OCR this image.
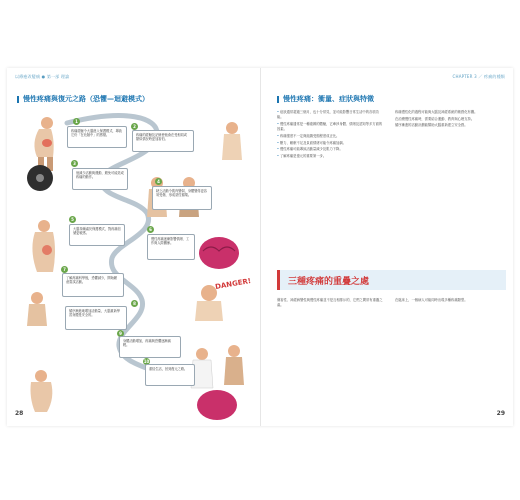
以療癒改變痛 ● 第一部 理論
慢性疼痛與復元之路（恐懼—迴避模式）
DANGER!
1
疼痛經驗令大腦進入保護模式，導致它仍「在危險中」的感覺。
2
疼痛的經驗及記憶使他會在受相同或類似情況時更加害怕。
3
他減少活動與運動，避免可能造成疼痛的動作。
4
缺乏活動令肌肉變弱，身體變得更容易受傷，形成惡性循環。
5
大腦持續處於保護模式，對疼痛信號更敏感。
6
慢性疼痛逐漸影響情緒、工作與人際關係。
7
了解疼痛科學後，恐懼減少，開始願意嘗試活動。
8
循序漸進地增加活動量，大腦重新學習身體是安全的。
9
身體活動增加，疼痛與恐懼逐漸減輕。
10
重拾生活，回到復元之路。
28
CHAPTER 3 ／ 疼痛的種類
慢性疼痛：衝量、症狀與特徵

• 症狀通常超過三個月，也十分常見，並可能影響日常生活中的各項功能。

• 慢性疼痛通常是一種複雜的體驗，它牽涉身體、情緒及認知等多方面的因素。

• 疼痛強度不一定與組織受損程度成正比。

• 壓力、睡眠不足及負面情緒可能令疼痛加劇。

• 慢性疼痛可能導致活動量減少及肌力下降。

• 了解疼痛是復元的重要第一步。

疼痛慢性化的過程可能與大腦及神經系統的敏感化有關。

在治療慢性疼痛時，需要結合運動、教育與心理支持。

循序漸進的活動計劃能幫助大腦重新建立安全感。

三種疼痛的重疊之處

傷害性、神經病變性與慢性疼痛並不是互相排斥的，它們之間常有重疊之處。

在臨床上，一個病人可能同時出現多種疼痛類型。

29
